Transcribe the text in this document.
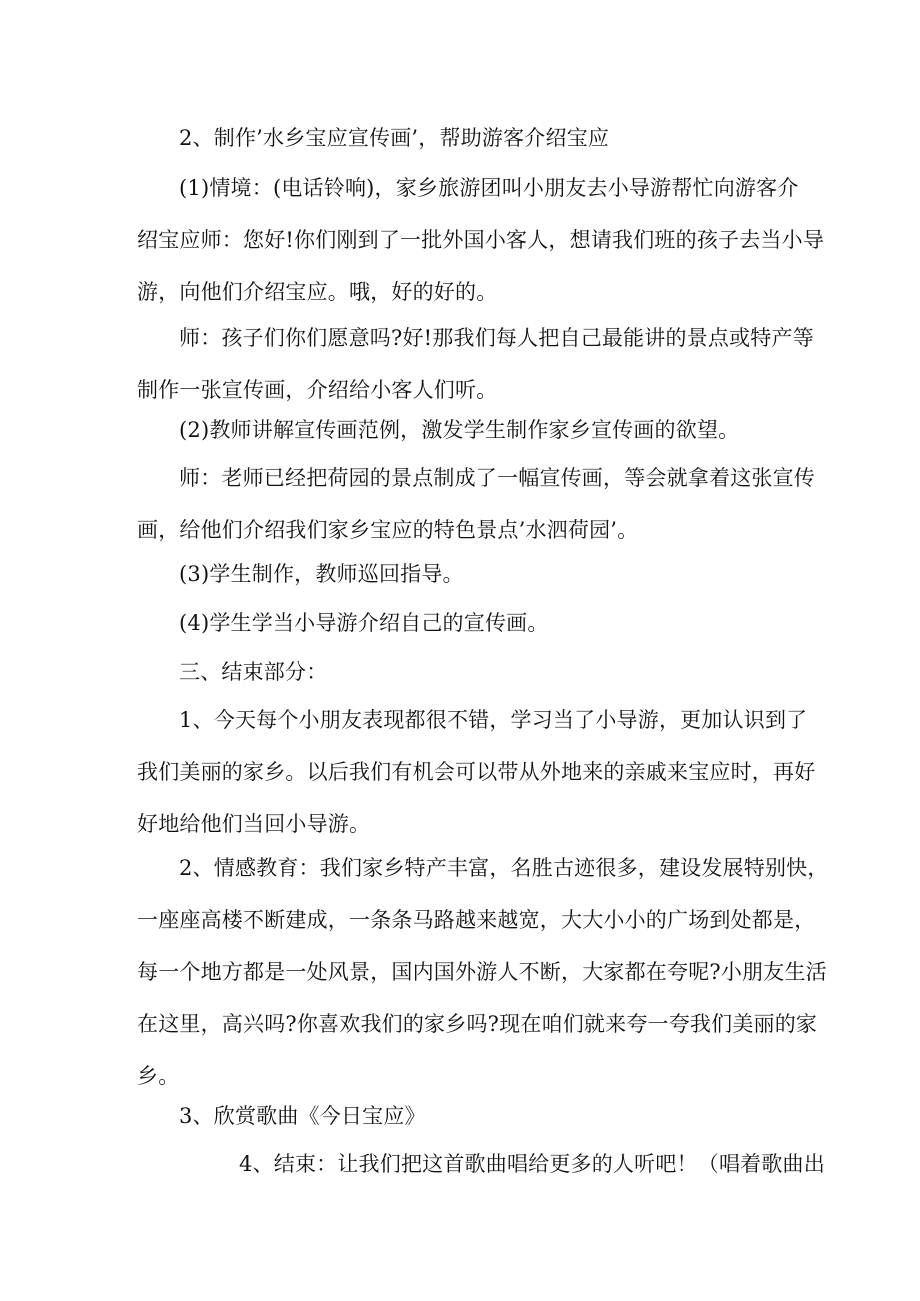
2、制作’水乡宝应宣传画’，帮助游客介绍宝应
(1)情境：(电话铃响)，家乡旅游团叫小朋友去小导游帮忙向游客介
绍宝应师：您好!你们刚到了一批外国小客人，想请我们班的孩子去当小导
游，向他们介绍宝应。哦，好的好的。
师：孩子们你们愿意吗?好!那我们每人把自己最能讲的景点或特产等
制作一张宣传画，介绍给小客人们听。
(2)教师讲解宣传画范例，激发学生制作家乡宣传画的欲望。
师：老师已经把荷园的景点制成了一幅宣传画，等会就拿着这张宣传
画，给他们介绍我们家乡宝应的特色景点’水泗荷园’。
(3)学生制作，教师巡回指导。
(4)学生学当小导游介绍自己的宣传画。
三、结束部分：
1、今天每个小朋友表现都很不错，学习当了小导游，更加认识到了
我们美丽的家乡。以后我们有机会可以带从外地来的亲戚来宝应时，再好
好地给他们当回小导游。
2、情感教育：我们家乡特产丰富，名胜古迹很多，建设发展特别快，
一座座高楼不断建成，一条条马路越来越宽，大大小小的广场到处都是，
每一个地方都是一处风景，国内国外游人不断，大家都在夸呢?小朋友生活
在这里，高兴吗?你喜欢我们的家乡吗?现在咱们就来夸一夸我们美丽的家
乡。
3、欣赏歌曲《今日宝应》
4、结束：让我们把这首歌曲唱给更多的人听吧！（唱着歌曲出
